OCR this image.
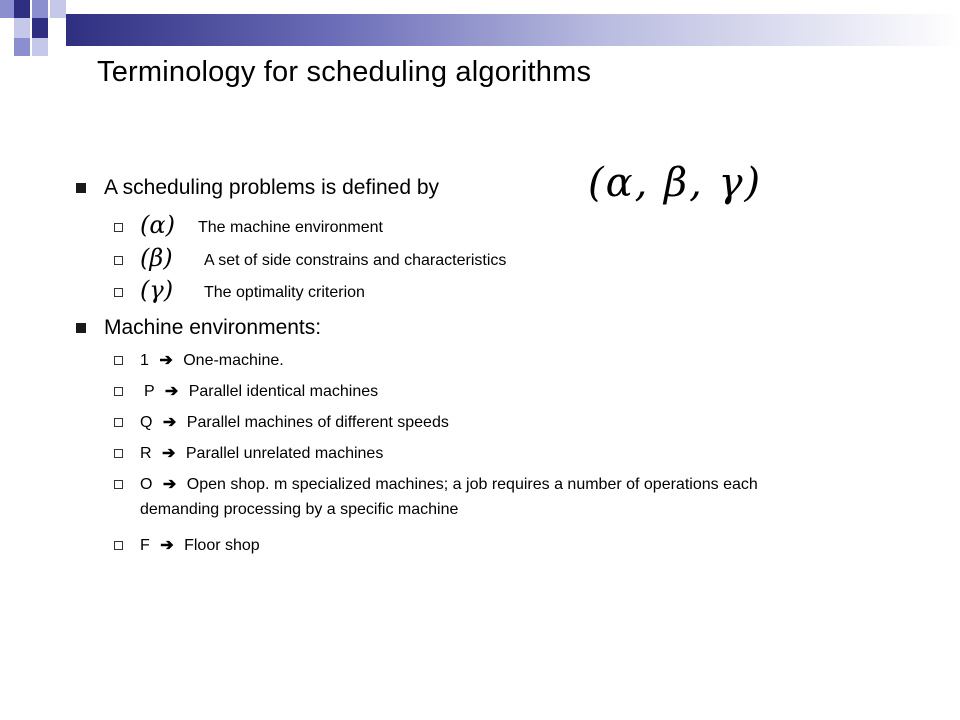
Terminology for scheduling algorithms
A scheduling problems is defined by	(α, β, γ)
(α)	The machine environment
(β)	A set of side constrains and characteristics
(γ)	The optimality criterion
Machine environments:
1 ➔ One-machine.
P ➔ Parallel identical machines
Q ➔ Parallel machines of different speeds
R ➔ Parallel unrelated machines
O ➔ Open shop. m specialized machines; a job requires a number of operations each demanding processing by a specific machine
F ➔ Floor shop
